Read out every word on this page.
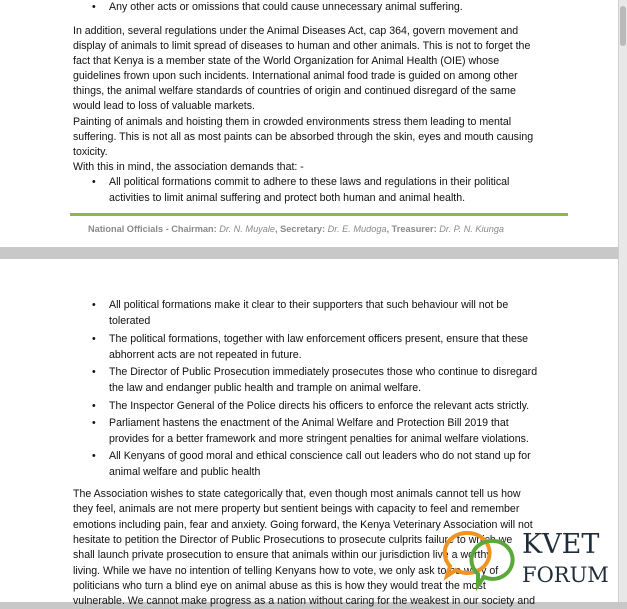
• Any other acts or omissions that could cause unnecessary animal suffering.

In addition, several regulations under the Animal Diseases Act, cap 364, govern movement and

display of animals to limit spread of diseases to human and other animals. This is not to forget the

fact that Kenya is a member state of the World Organization for Animal Health (OIE) whose

guidelines frown upon such incidents. International animal food trade is guided on among other

things, the animal welfare standards of countries of origin and continued disregard of the same

would lead to loss of valuable markets.

Painting of animals and hoisting them in crowded environments stress them leading to mental

suffering. This is not all as most paints can be absorbed through the skin, eyes and mouth causing

toxicity.

With this in mind, the association demands that: -

• All political formations commit to adhere to these laws and regulations in their political

activities to limit animal suffering and protect both human and animal health.

National Officials - Chairman: Dr. N. Muyale, Secretary: Dr. E. Mudoga, Treasurer: Dr. P. N. Kiunga

• All political formations make it clear to their supporters that such behaviour will not be

tolerated

• The political formations, together with law enforcement officers present, ensure that these

abhorrent acts are not repeated in future.

• The Director of Public Prosecution immediately prosecutes those who continue to disregard

the law and endanger public health and trample on animal welfare.

• The Inspector General of the Police directs his officers to enforce the relevant acts strictly.

• Parliament hastens the enactment of the Animal Welfare and Protection Bill 2019 that

provides for a better framework and more stringent penalties for animal welfare violations.

• All Kenyans of good moral and ethical conscience call out leaders who do not stand up for

animal welfare and public health

The Association wishes to state categorically that, even though most animals cannot tell us how

they feel, animals are not mere property but sentient beings with capacity to feel and remember

emotions including pain, fear and anxiety. Going forward, the Kenya Veterinary Association will not

hesitate to petition the Director of Public Prosecutions to prosecute culprits failure to which we

shall launch private prosecution to ensure that animals within our jurisdiction live a worthy

living. While we have no intention of telling Kenyans how to vote, we only ask to be wary of

politicians who turn a blind eye on animal abuse as this is how they would treat the most

vulnerable. We cannot make progress as a nation without caring for the weakest in our society and

KVET
FORUM
